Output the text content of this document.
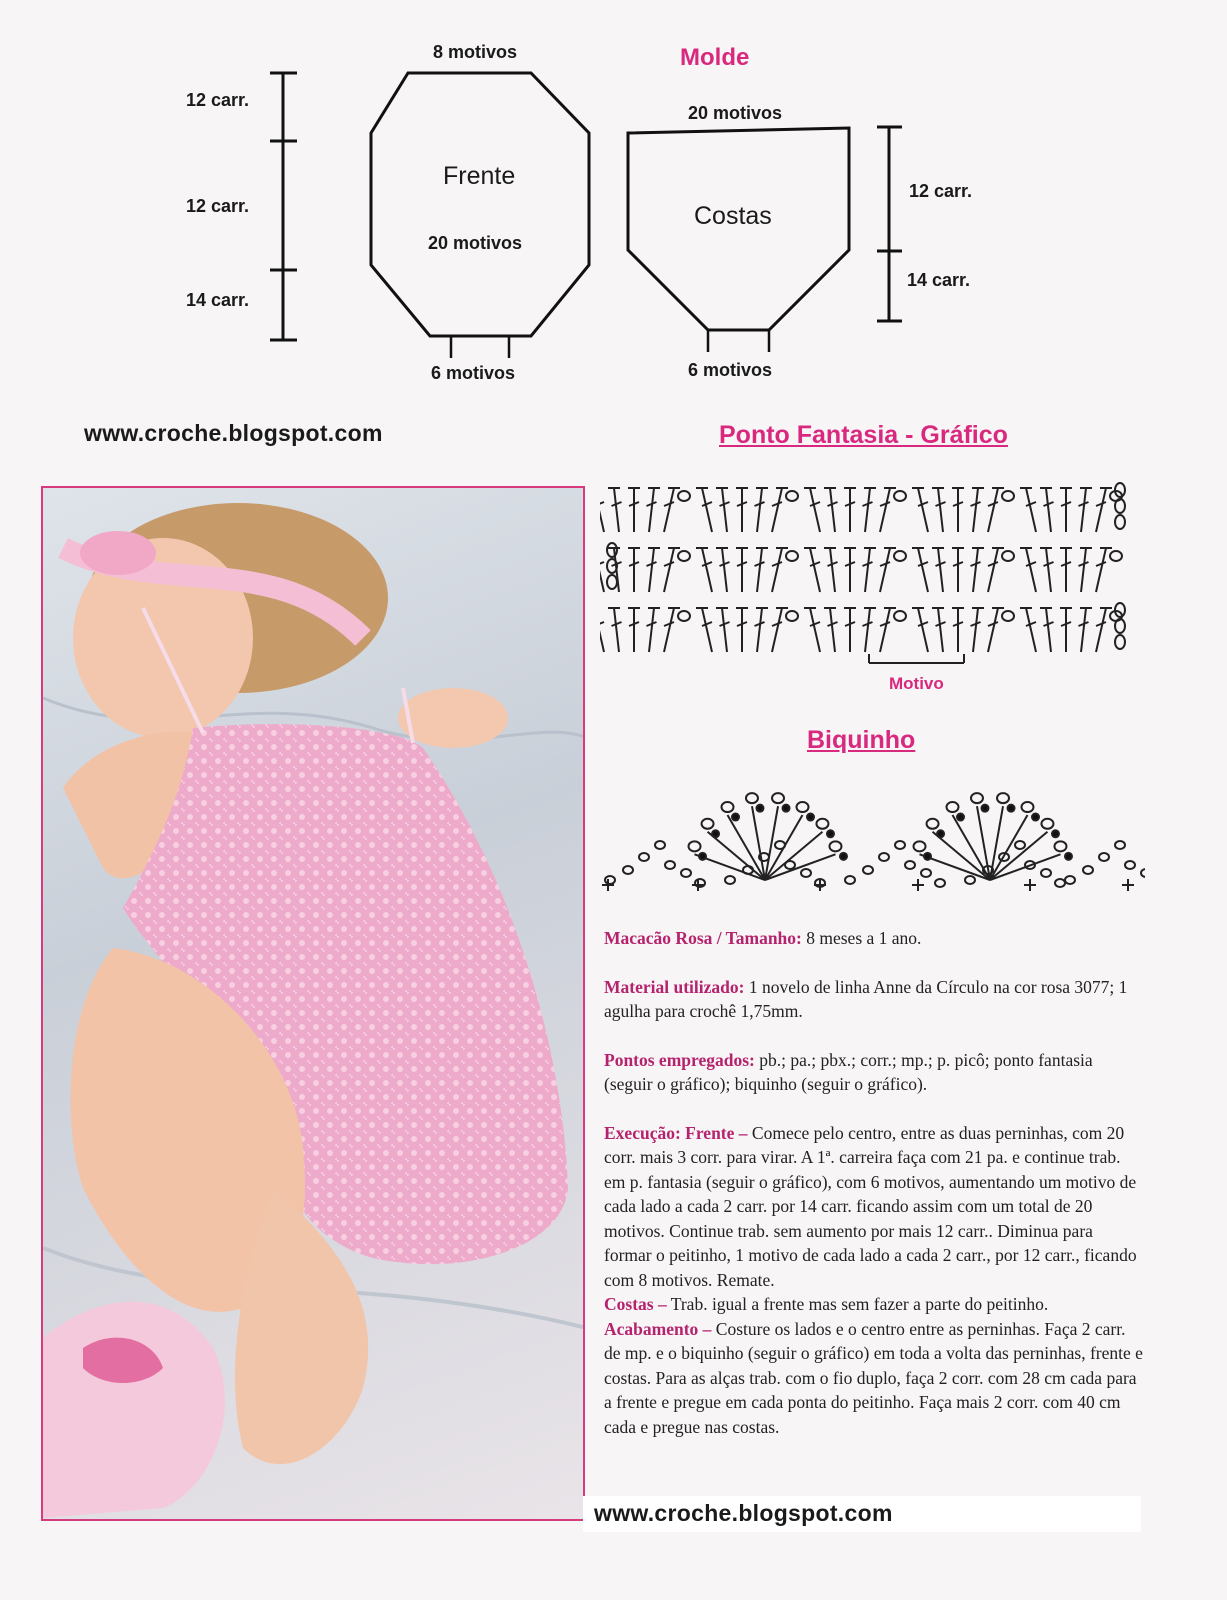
Molde
12 carr.
12 carr.
14 carr.
8 motivos
Frente
20 motivos
6 motivos
20 motivos
Costas
6 motivos
12 carr.
14 carr.
www.croche.blogspot.com	Ponto Fantasia - Gráfico
Motivo
Biquinho

Macacão Rosa / Tamanho: 8 meses a 1 ano.

Material utilizado: 1 novelo de linha Anne da Círculo na cor rosa 3077; 1 agulha para crochê 1,75mm.

Pontos empregados: pb.; pa.; pbx.; corr.; mp.; p. picô; ponto fantasia (seguir o gráfico); biquinho (seguir o gráfico).

Execução: Frente – Comece pelo centro, entre as duas perninhas, com 20 corr. mais 3 corr. para virar. A 1ª. carreira faça com 21 pa. e continue trab. em p. fantasia (seguir o gráfico), com 6 motivos, aumentando um motivo de cada lado a cada 2 carr. por 14 carr. ficando assim com um total de 20 motivos. Continue trab. sem aumento por mais 12 carr.. Diminua para formar o peitinho, 1 motivo de cada lado a cada 2 carr., por 12 carr., ficando com 8 motivos. Remate.

Costas – Trab. igual a frente mas sem fazer a parte do peitinho.

Acabamento – Costure os lados e o centro entre as perninhas. Faça 2 carr. de mp. e o biquinho (seguir o gráfico) em toda a volta das perninhas, frente e costas. Para as alças trab. com o fio duplo, faça 2 corr. com 28 cm cada para a frente e pregue em cada ponta do peitinho. Faça mais 2 corr. com 40 cm cada e pregue nas costas.

www.croche.blogspot.com
